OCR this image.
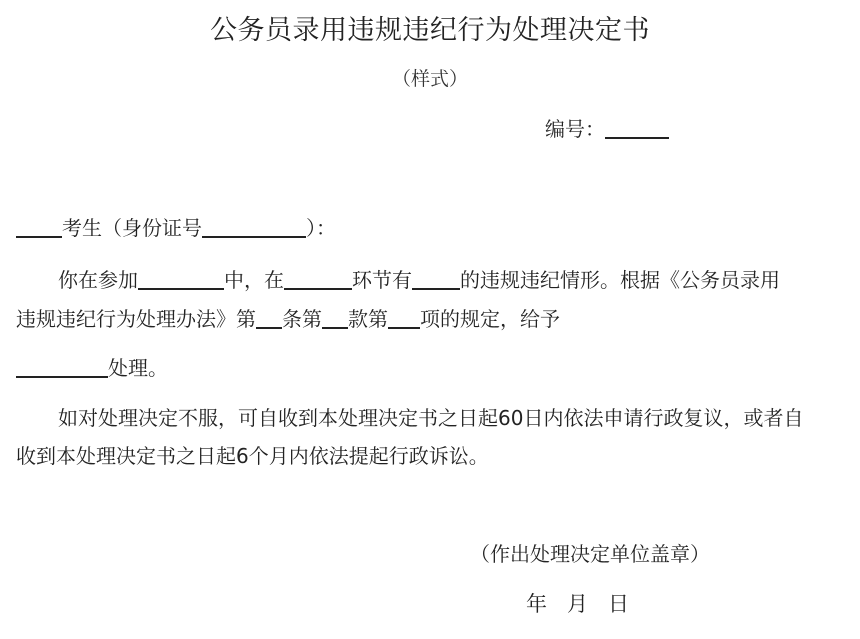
公务员录用违规违纪行为处理决定书
（样式）
编号：
考生（身份证号	）：
你在参加	中，在	环节有 的违规违纪情形。根据《公务员录用
违规违纪行为处理办法》第 条第 款第 项的规定，给予
处理。
如对处理决定不服，可自收到本处理决定书之日起60日内依法申请行政复议，或者自
收到本处理决定书之日起6个月内依法提起行政诉讼。
（作出处理决定单位盖章）
年 月 日
